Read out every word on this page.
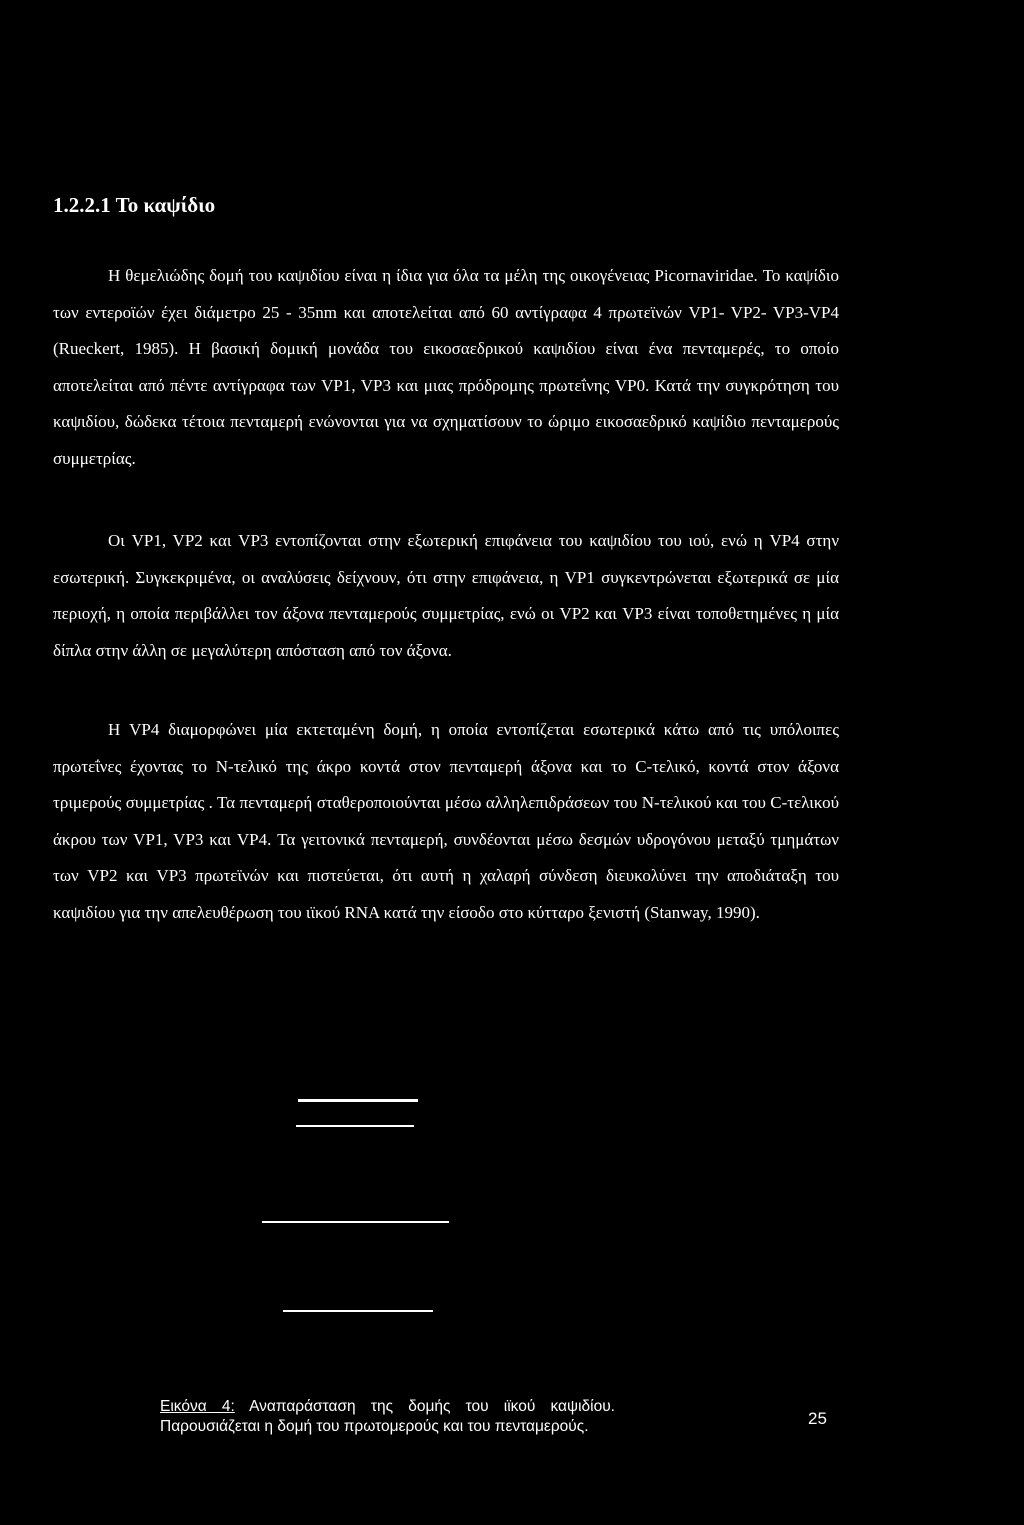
1.2.2.1 Το καψίδιο

Η θεμελιώδης δομή του καψιδίου είναι η ίδια για όλα τα μέλη της οικογένειας Picornaviridae. Το καψίδιο των εντεροϊών έχει διάμετρο 25 - 35nm και αποτελείται από 60 αντίγραφα 4 πρωτεϊνών VP1- VP2- VP3-VP4 (Rueckert, 1985). Η βασική δομική μονάδα του εικοσαεδρικού καψιδίου είναι ένα πενταμερές, το οποίο αποτελείται από πέντε αντίγραφα των VP1, VP3 και μιας πρόδρομης πρωτεΐνης VP0. Κατά την συγκρότηση του καψιδίου, δώδεκα τέτοια πενταμερή ενώνονται για να σχηματίσουν το ώριμο εικοσαεδρικό καψίδιο πενταμερούς συμμετρίας.

Οι VP1, VP2 και VP3 εντοπίζονται στην εξωτερική επιφάνεια του καψιδίου του ιού, ενώ η VP4 στην εσωτερική. Συγκεκριμένα, οι αναλύσεις δείχνουν, ότι στην επιφάνεια, η VP1 συγκεντρώνεται εξωτερικά σε μία περιοχή, η οποία περιβάλλει τον άξονα πενταμερούς συμμετρίας, ενώ οι VP2 και VP3 είναι τοποθετημένες η μία δίπλα στην άλλη σε μεγαλύτερη απόσταση από τον άξονα.

Η VP4 διαμορφώνει μία εκτεταμένη δομή, η οποία εντοπίζεται εσωτερικά κάτω από τις υπόλοιπες πρωτεΐνες έχοντας το Ν-τελικό της άκρο κοντά στον πενταμερή άξονα και το C-τελικό, κοντά στον άξονα τριμερούς συμμετρίας . Τα πενταμερή σταθεροποιούνται μέσω αλληλεπιδράσεων του Ν-τελικού και του C-τελικού άκρου των VP1, VP3 και VP4. Τα γειτονικά πενταμερή, συνδέονται μέσω δεσμών υδρογόνου μεταξύ τμημάτων των VP2 και VP3 πρωτεϊνών και πιστεύεται, ότι αυτή η χαλαρή σύνδεση διευκολύνει την αποδιάταξη του καψιδίου για την απελευθέρωση του ιϊκού RNA κατά την είσοδο στο κύτταρο ξενιστή (Stanway, 1990).

Εικόνα 4: Αναπαράσταση της δομής του ιϊκού καψιδίου. Παρουσιάζεται η δομή του πρωτομερούς και του πενταμερούς.	25
